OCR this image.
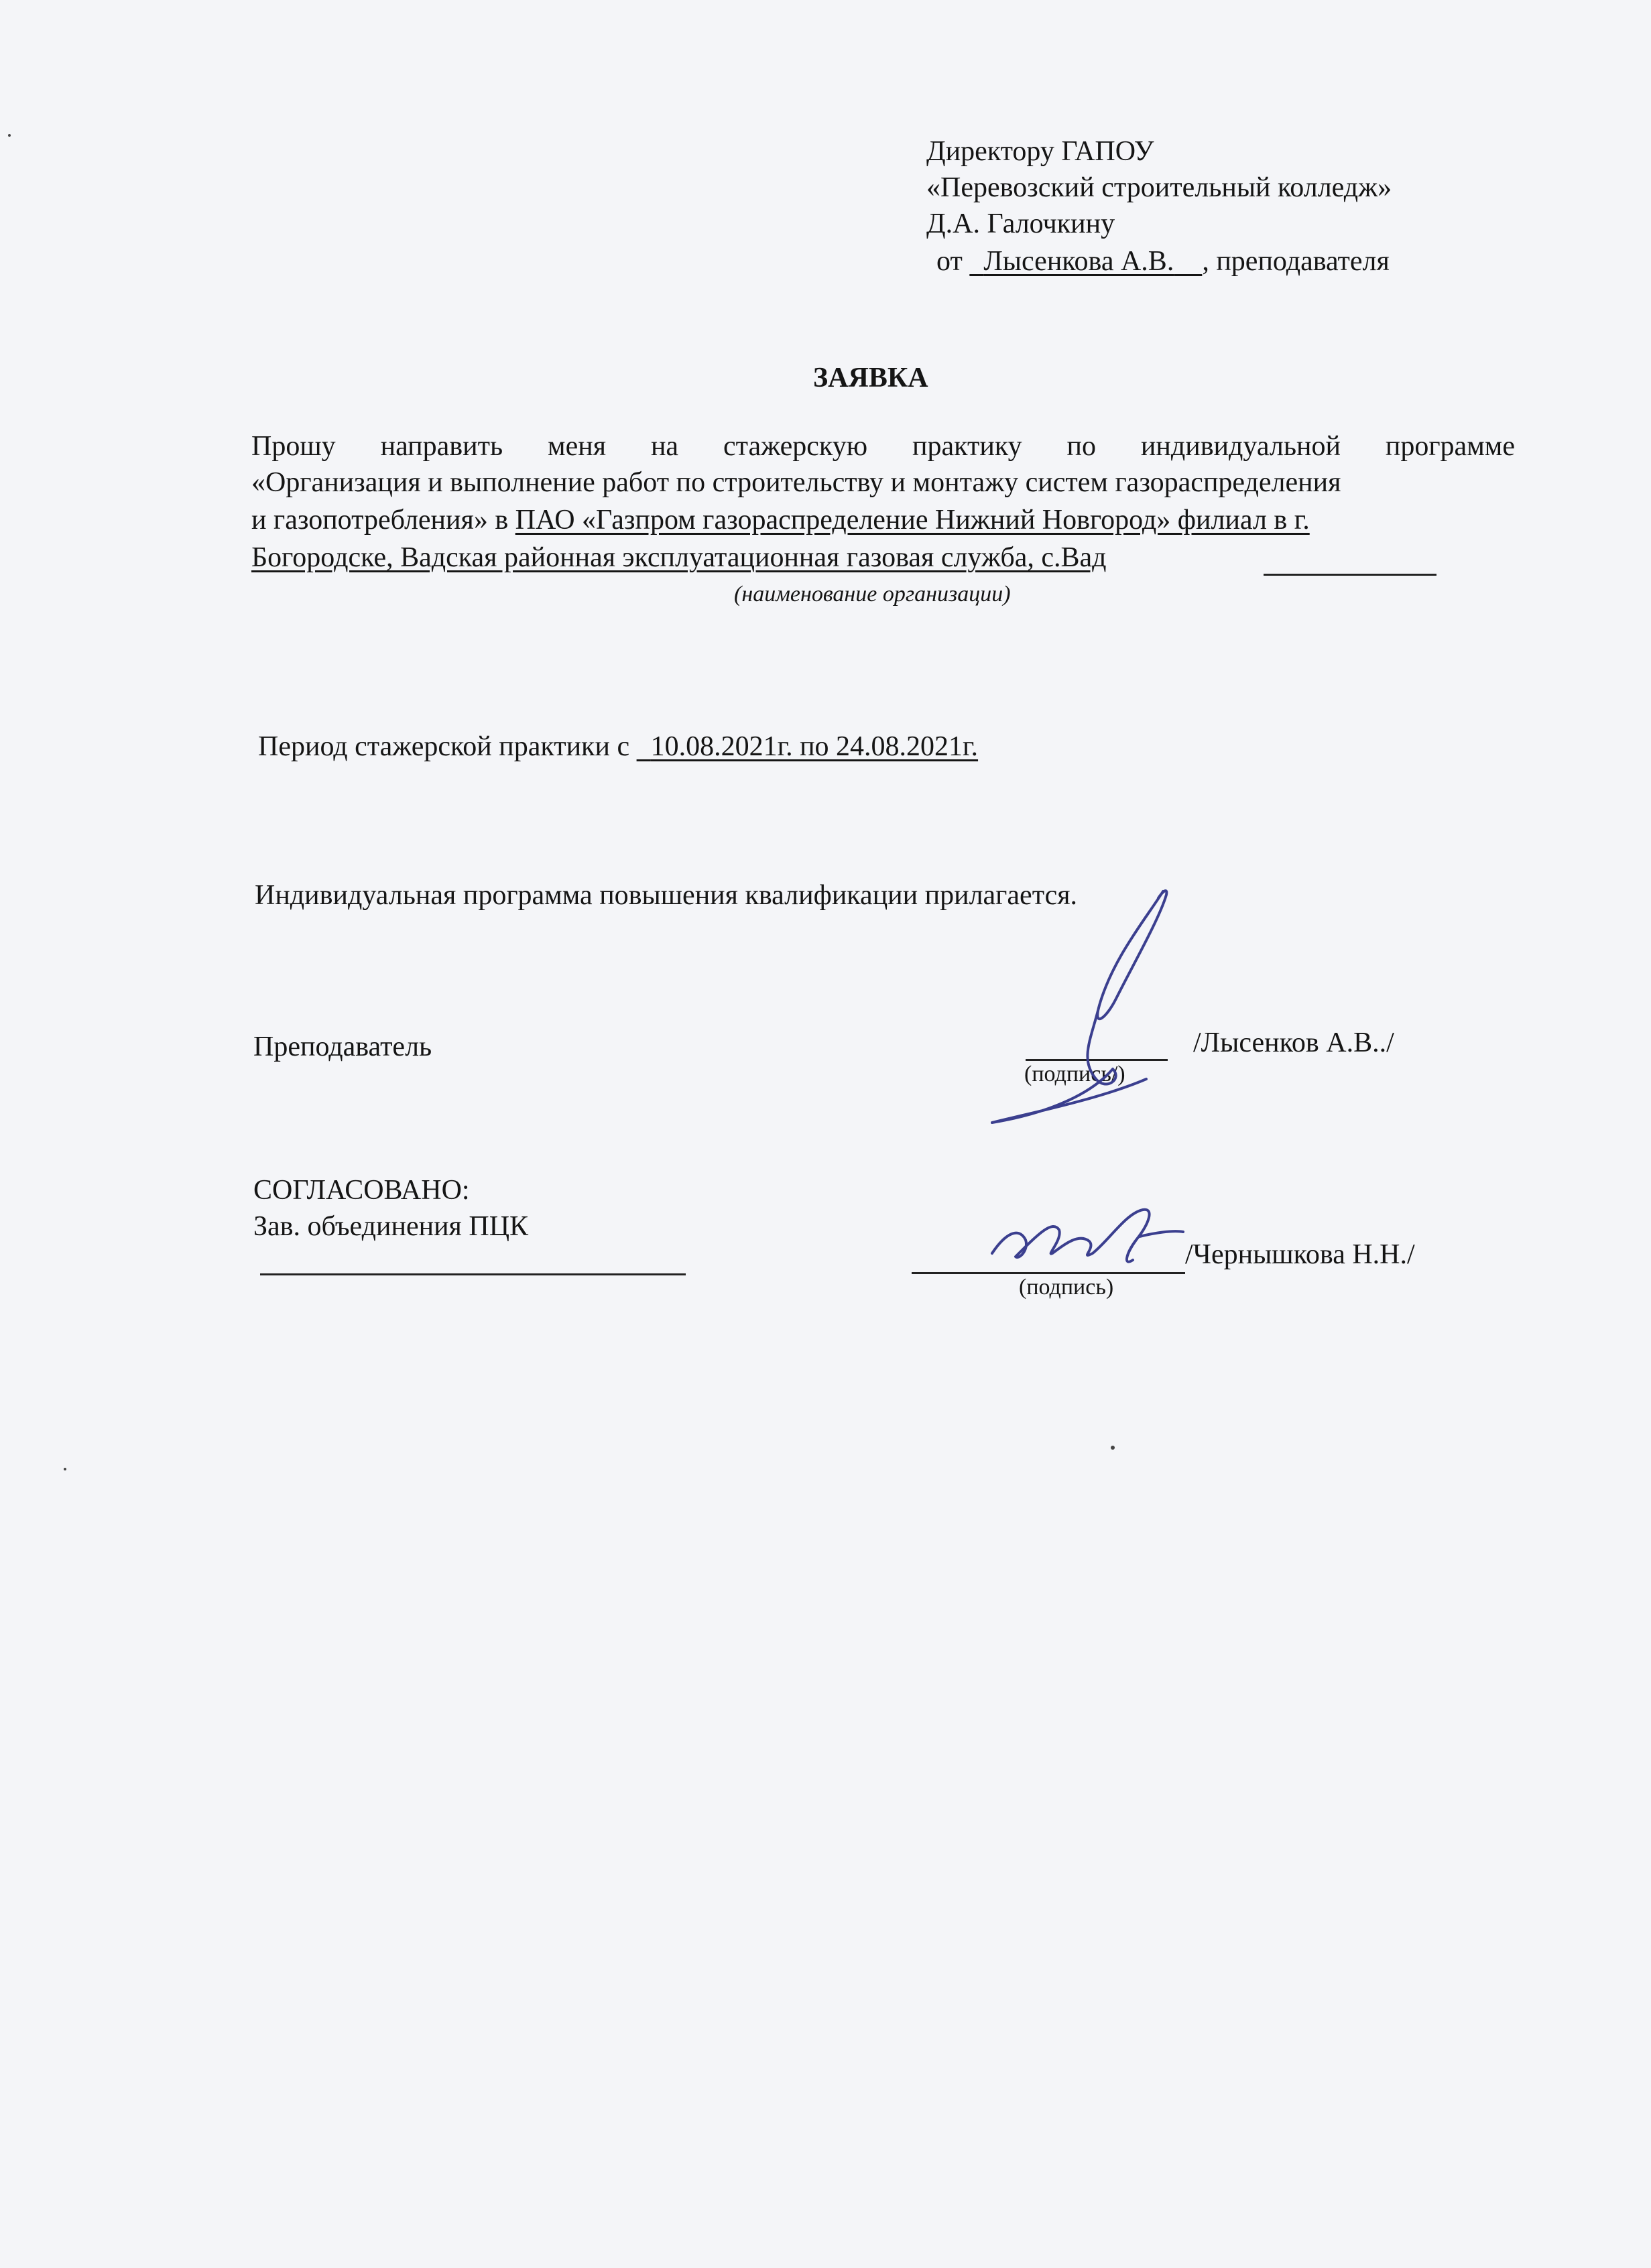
Директору ГАПОУ
«Перевозский строительный колледж»
Д.А. Галочкину
от Лысенкова А.В. , преподавателя
ЗАЯВКА
Прошу направить меня на стажерскую практику по индивидуальной программе
«Организация и выполнение работ по строительству и монтажу систем газораспределения
и газопотребления» в ПАО «Газпром газораспределение Нижний Новгород» филиал в г.
Богородске, Вадская районная эксплуатационная газовая служба, с.Вад
(наименование организации)
Период стажерской практики с 10.08.2021г. по 24.08.2021г.
Индивидуальная программа повышения квалификации прилагается.
Преподаватель	/Лысенков А.В../
(подпись/)
СОГЛАСОВАНО:
Зав. объединения ПЦК
/Чернышкова Н.Н./
(подпись)
